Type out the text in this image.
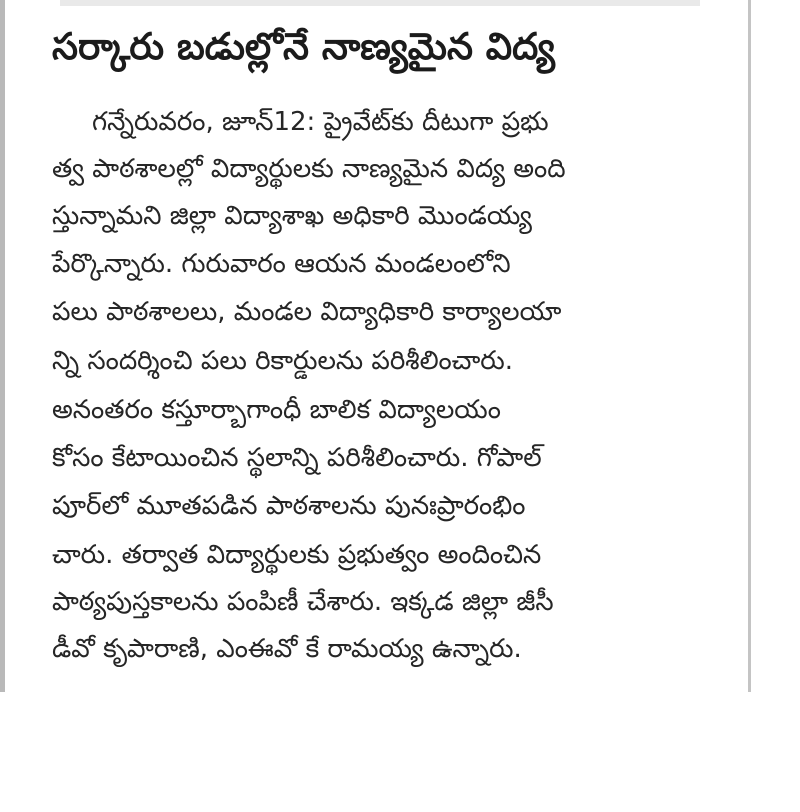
సర్కారు బడుల్లోనే నాణ్యమైన విద్య
గన్నేరువరం, జూన్12: ప్రైవేట్‌కు దీటుగా ప్రభు
త్వ పాఠశాలల్లో విద్యార్థులకు నాణ్యమైన విద్య అంది
స్తున్నామని జిల్లా విద్యాశాఖ అధికారి మొండయ్య
పేర్కొన్నారు. గురువారం ఆయన మండలంలోని
పలు పాఠశాలలు, మండల విద్యాధికారి కార్యాలయా
న్ని సందర్శించి పలు రికార్డులను పరిశీలించారు.
అనంతరం కస్తూర్బాగాంధీ బాలిక విద్యాలయం
కోసం కేటాయించిన స్థలాన్ని పరిశీలించారు. గోపాల్
పూర్‌లో మూతపడిన పాఠశాలను పునఃప్రారంభిం
చారు. తర్వాత విద్యార్థులకు ప్రభుత్వం అందించిన
పాఠ్యపుస్తకాలను పంపిణీ చేశారు. ఇక్కడ జిల్లా జీసీ
డీవో కృపారాణి, ఎంఈవో కే రామయ్య ఉన్నారు.
